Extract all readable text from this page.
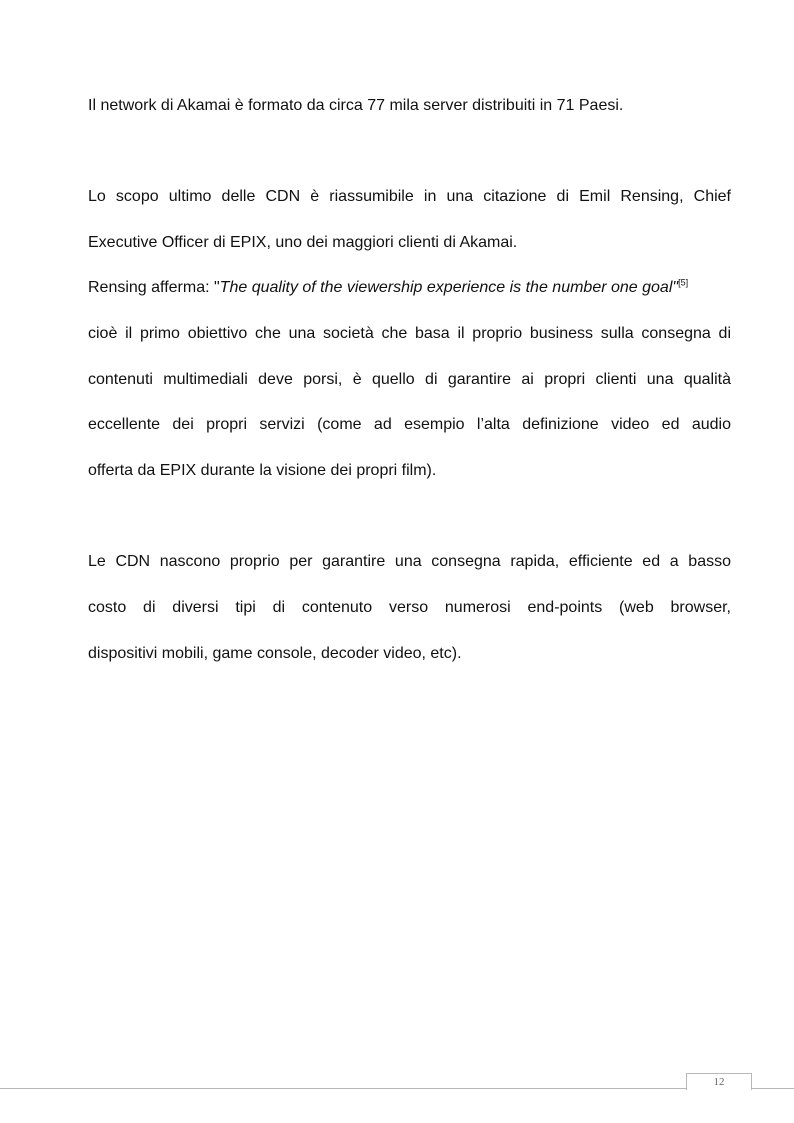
Il network di Akamai è formato da circa 77 mila server distribuiti in 71 Paesi.

Lo scopo ultimo delle CDN è riassumibile in una citazione di Emil Rensing, Chief

Executive Officer di EPIX, uno dei maggiori clienti di Akamai.

Rensing afferma: "The quality of the viewership experience is the number one goal"[5]

cioè il primo obiettivo che una società che basa il proprio business sulla consegna di

contenuti multimediali deve porsi, è quello di garantire ai propri clienti una qualità

eccellente dei propri servizi (come ad esempio l’alta definizione video ed audio

offerta da EPIX durante la visione dei propri film).

Le CDN nascono proprio per garantire una consegna rapida, efficiente ed a basso

costo di diversi tipi di contenuto verso numerosi end-points (web browser,

dispositivi mobili, game console, decoder video, etc).

12
